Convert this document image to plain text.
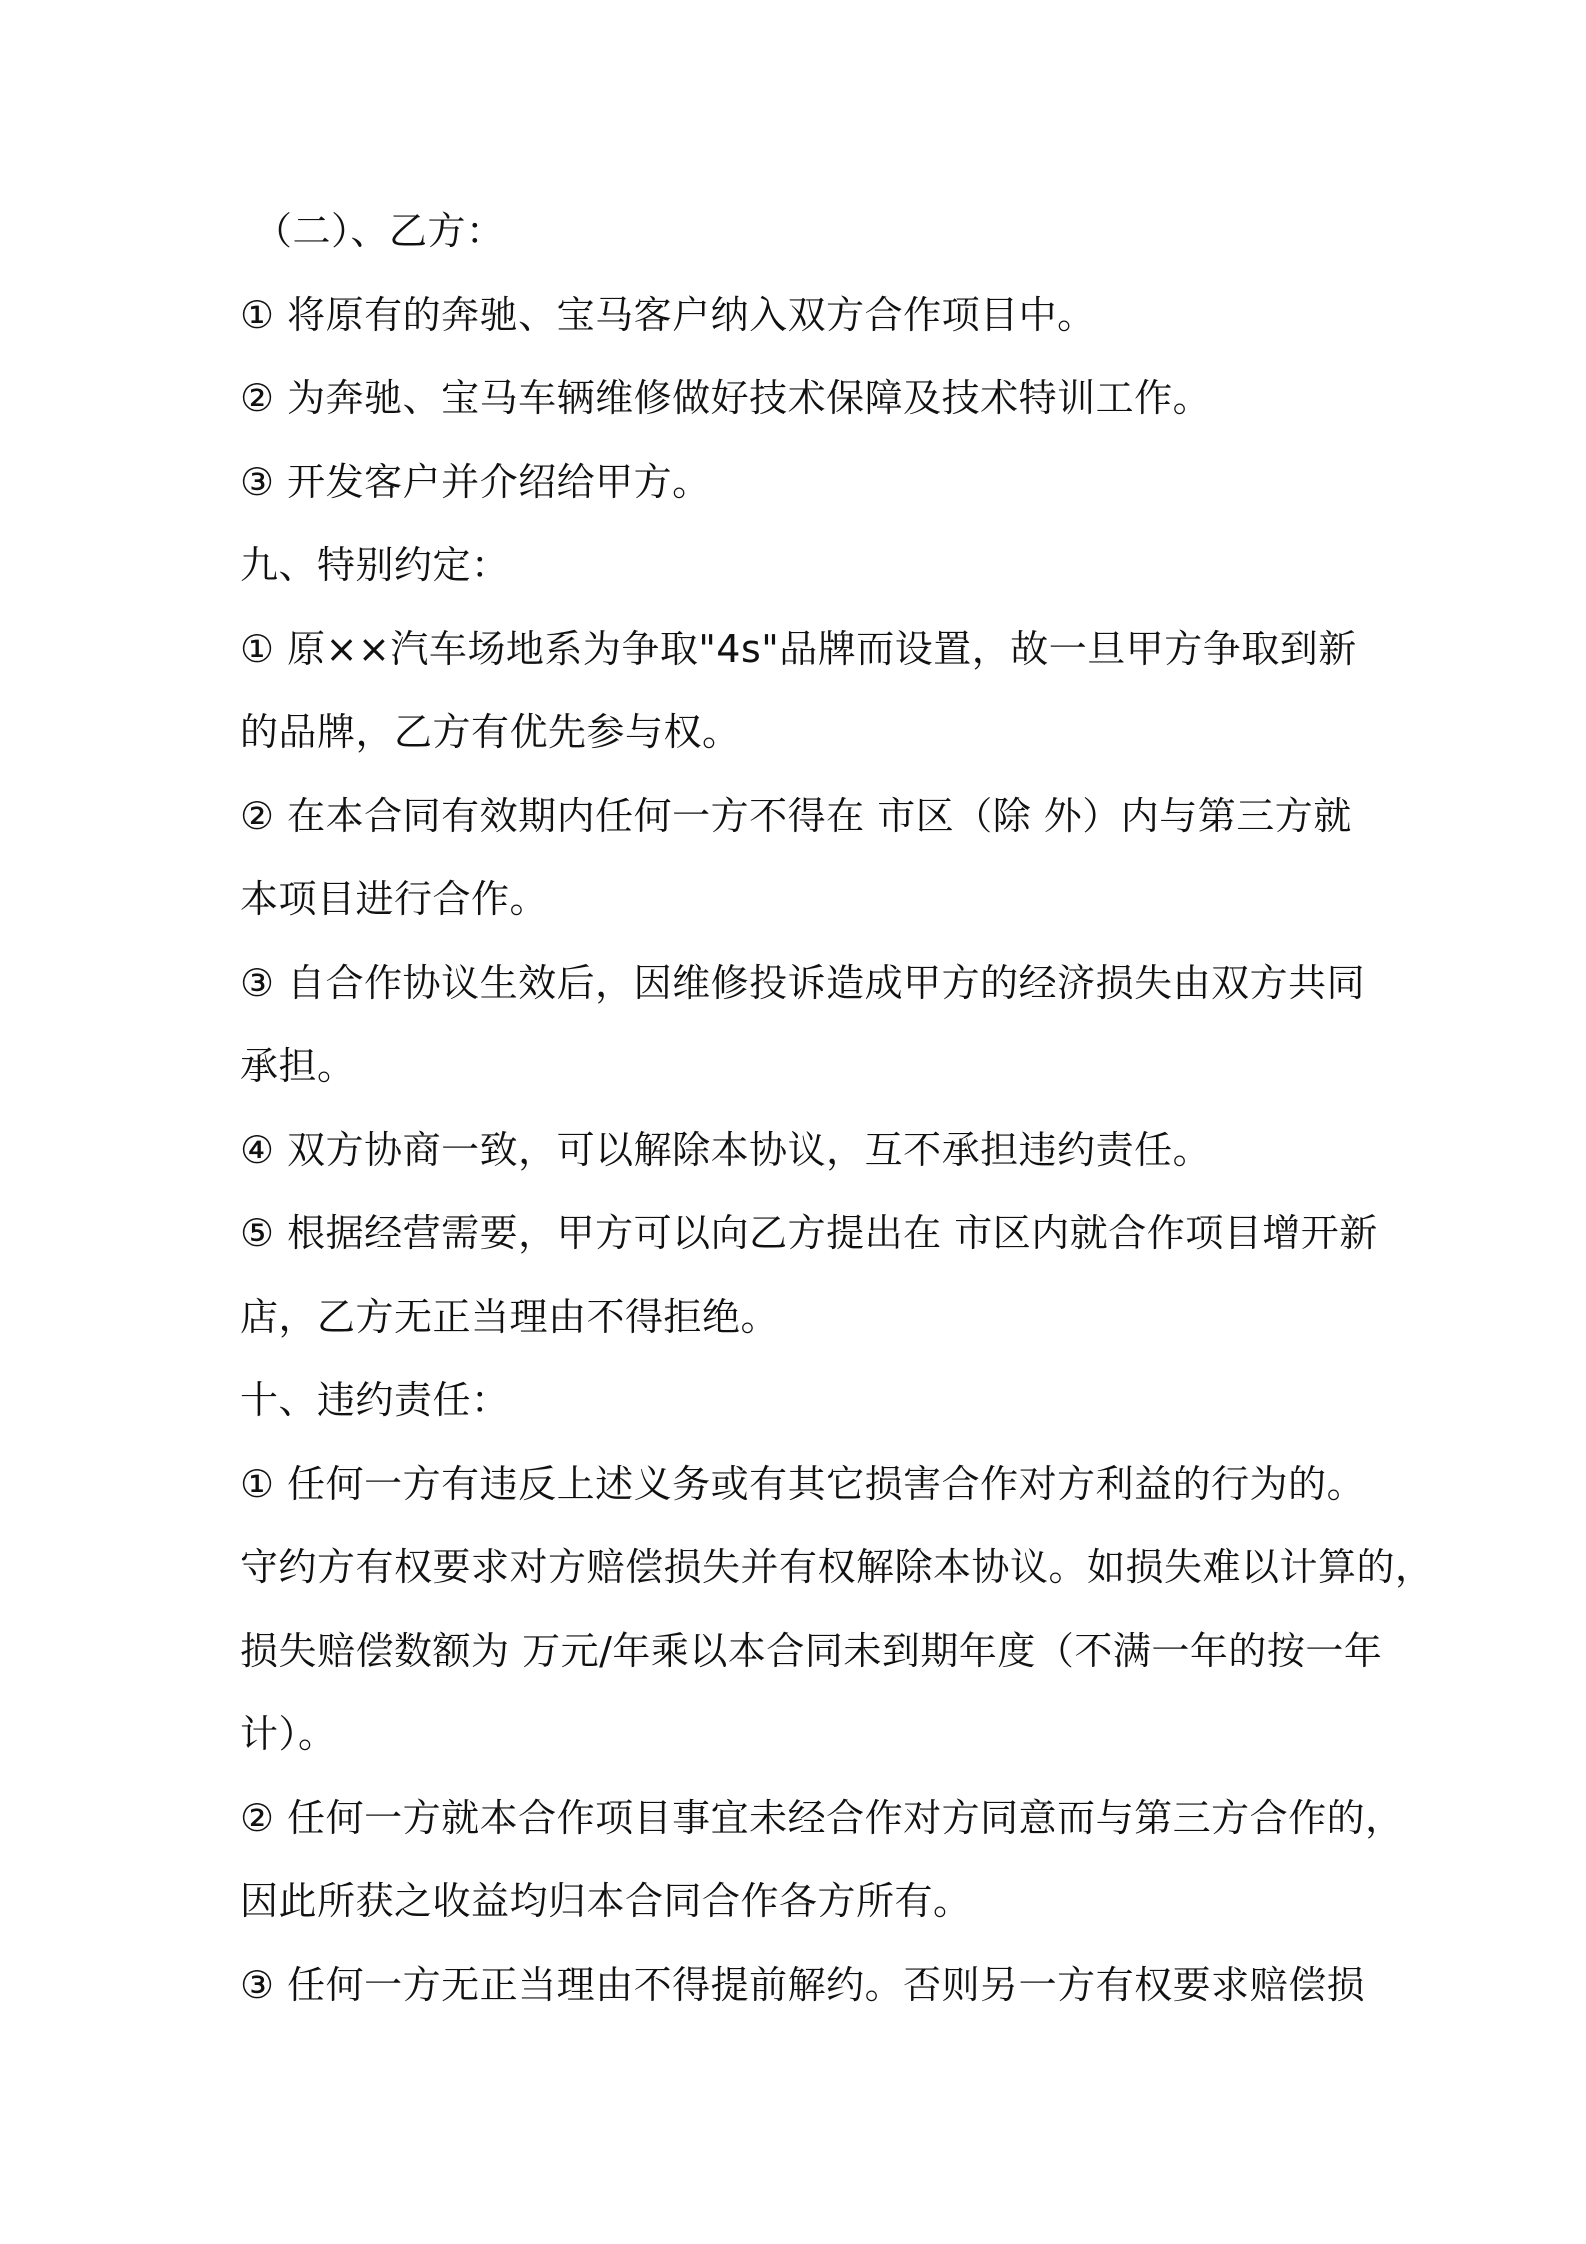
（二）、乙方：
① 将原有的奔驰、宝马客户纳入双方合作项目中。
② 为奔驰、宝马车辆维修做好技术保障及技术特训工作。
③ 开发客户并介绍给甲方。
九、特别约定：
① 原××汽车场地系为争取"4s"品牌而设置，故一旦甲方争取到新
的品牌，乙方有优先参与权。
② 在本合同有效期内任何一方不得在 市区（除 外）内与第三方就
本项目进行合作。
③ 自合作协议生效后，因维修投诉造成甲方的经济损失由双方共同
承担。
④ 双方协商一致，可以解除本协议，互不承担违约责任。
⑤ 根据经营需要，甲方可以向乙方提出在 市区内就合作项目增开新
店，乙方无正当理由不得拒绝。
十、违约责任：
① 任何一方有违反上述义务或有其它损害合作对方利益的行为的。
守约方有权要求对方赔偿损失并有权解除本协议。如损失难以计算的，
损失赔偿数额为 万元/年乘以本合同未到期年度（不满一年的按一年
计）。
② 任何一方就本合作项目事宜未经合作对方同意而与第三方合作的，
因此所获之收益均归本合同合作各方所有。
③ 任何一方无正当理由不得提前解约。否则另一方有权要求赔偿损
